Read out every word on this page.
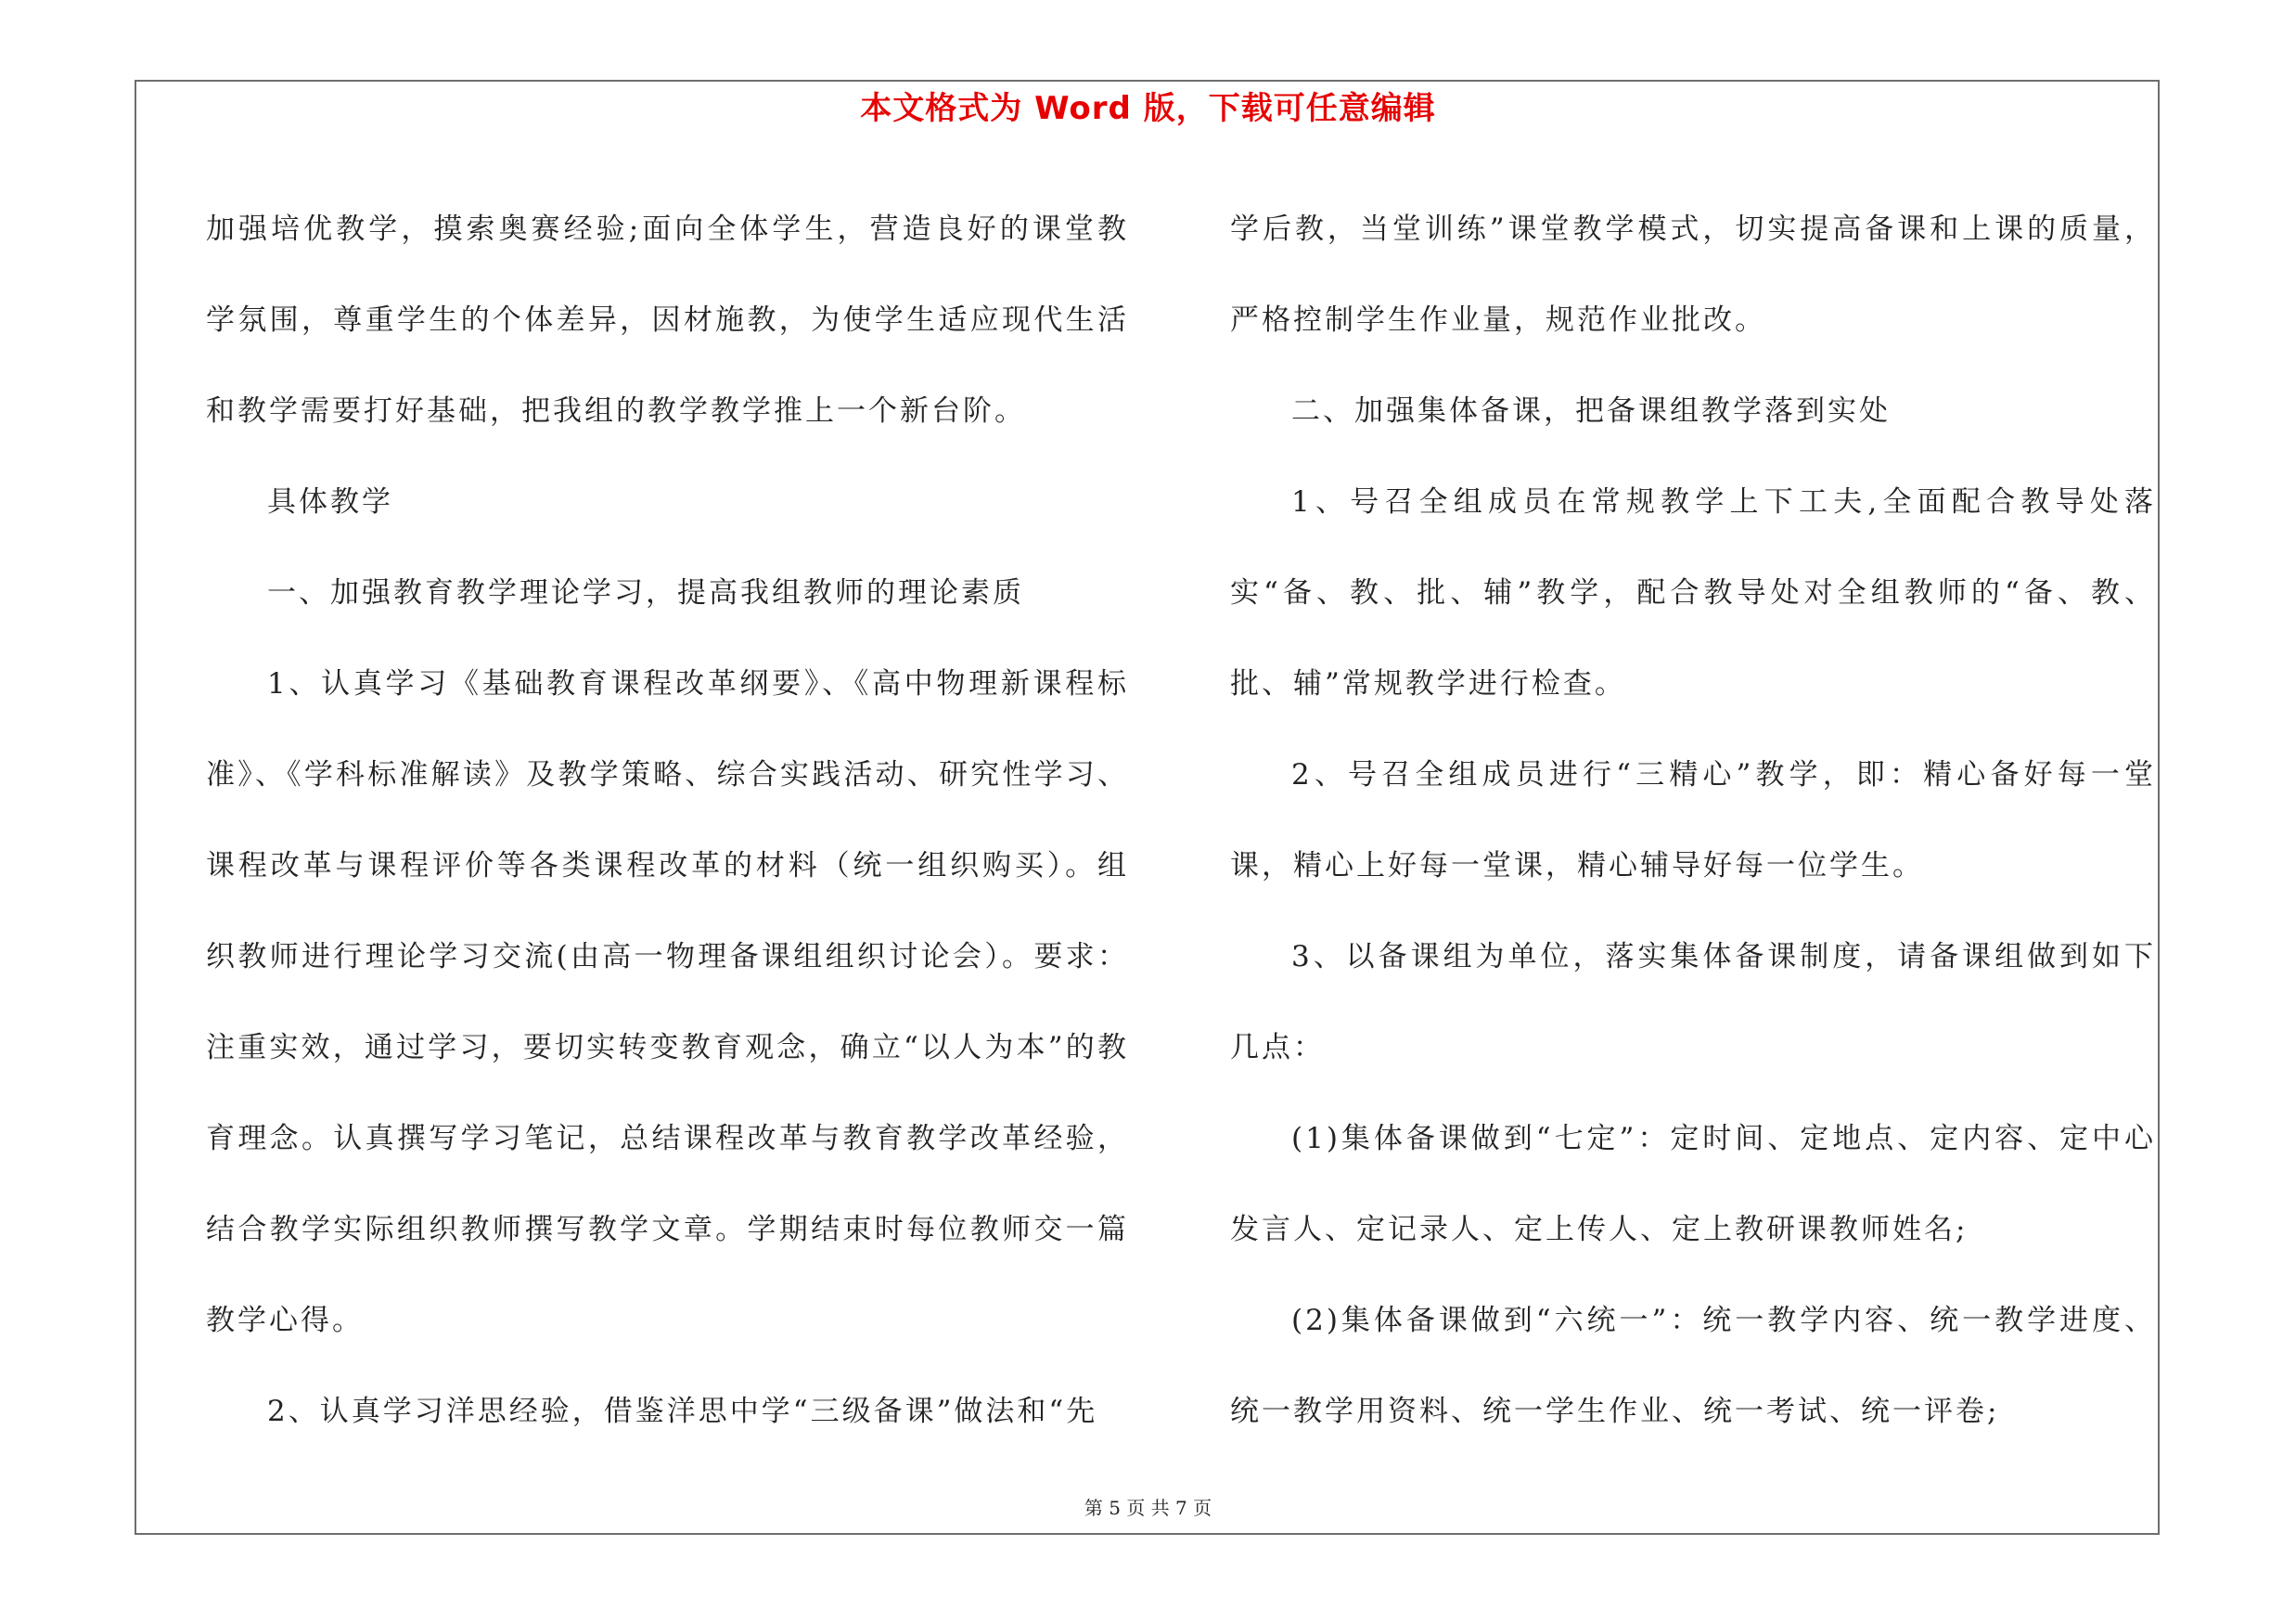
本文格式为 Word 版，下载可任意编辑

加强培优教学，摸索奥赛经验;面向全体学生，营造良好的课堂教学氛围，尊重学生的个体差异，因材施教，为使学生适应现代生活和教学需要打好基础，把我组的教学教学推上一个新台阶。

具体教学

一、加强教育教学理论学习，提高我组教师的理论素质

1、认真学习《基础教育课程改革纲要》、《高中物理新课程标准》、《学科标准解读》及教学策略、综合实践活动、研究性学习、课程改革与课程评价等各类课程改革的材料（统一组织购买）。组织教师进行理论学习交流(由高一物理备课组组织讨论会）。要求：注重实效，通过学习，要切实转变教育观念，确立“以人为本”的教育理念。认真撰写学习笔记，总结课程改革与教育教学改革经验，结合教学实际组织教师撰写教学文章。学期结束时每位教师交一篇教学心得。

2、认真学习洋思经验，借鉴洋思中学“三级备课”做法和“先

学后教，当堂训练”课堂教学模式，切实提高备课和上课的质量，严格控制学生作业量，规范作业批改。

二、加强集体备课，把备课组教学落到实处

1、号召全组成员在常规教学上下工夫,全面配合教导处落实“备、教、批、辅”教学，配合教导处对全组教师的“备、教、批、辅”常规教学进行检查。

2、号召全组成员进行“三精心”教学，即：精心备好每一堂课，精心上好每一堂课，精心辅导好每一位学生。

3、以备课组为单位，落实集体备课制度，请备课组做到如下几点：

(1)集体备课做到“七定”：定时间、定地点、定内容、定中心发言人、定记录人、定上传人、定上教研课教师姓名;

(2)集体备课做到“六统一”：统一教学内容、统一教学进度、统一教学用资料、统一学生作业、统一考试、统一评卷;

第 5 页 共 7 页
